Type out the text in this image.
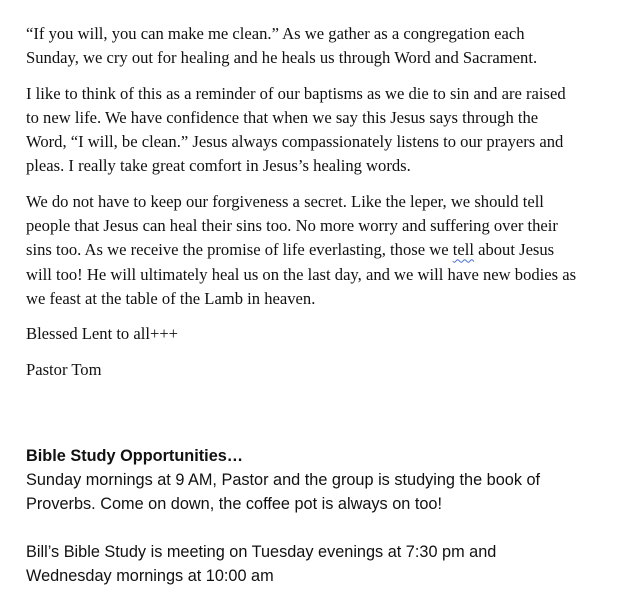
“If you will, you can make me clean.” As we gather as a congregation each
Sunday, we cry out for healing and he heals us through Word and Sacrament.

I like to think of this as a reminder of our baptisms as we die to sin and are raised
to new life. We have confidence that when we say this Jesus says through the
Word, “I will, be clean.” Jesus always compassionately listens to our prayers and
pleas. I really take great comfort in Jesus’s healing words.

We do not have to keep our forgiveness a secret. Like the leper, we should tell
people that Jesus can heal their sins too. No more worry and suffering over their
sins too. As we receive the promise of life everlasting, those we tell about Jesus
will too! He will ultimately heal us on the last day, and we will have new bodies as
we feast at the table of the Lamb in heaven.

Blessed Lent to all+++

Pastor Tom

Bible Study Opportunities…

Sunday mornings at 9 AM, Pastor and the group is studying the book of

Proverbs. Come on down, the coffee pot is always on too!

Bill’s Bible Study is meeting on Tuesday evenings at 7:30 pm and

Wednesday mornings at 10:00 am
